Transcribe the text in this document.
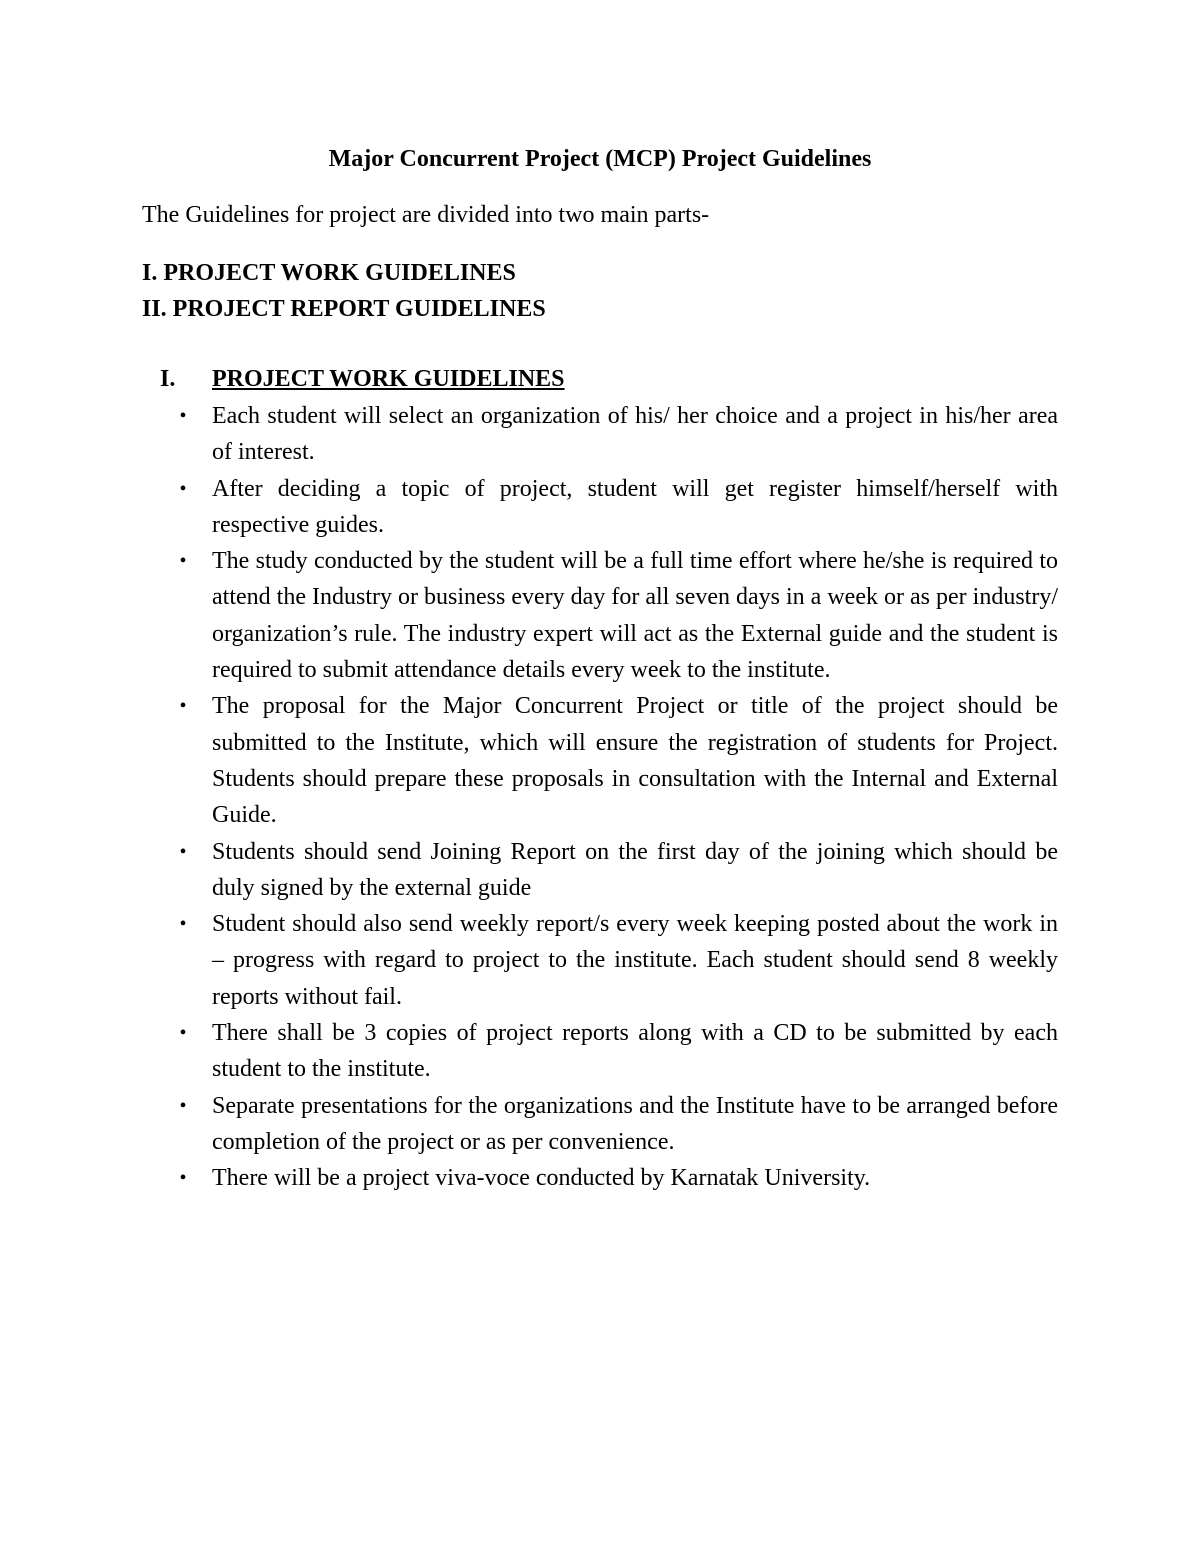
Major Concurrent Project (MCP) Project Guidelines

The Guidelines for project are divided into two main parts-

I. PROJECT WORK GUIDELINES
II. PROJECT REPORT GUIDELINES
I. PROJECT WORK GUIDELINES
• Each student will select an organization of his/ her choice and a project in his/her area of interest.
• After deciding a topic of project, student will get register himself/herself with respective guides.
• The study conducted by the student will be a full time effort where he/she is required to attend the Industry or business every day for all seven days in a week or as per industry/ organization’s rule. The industry expert will act as the External guide and the student is required to submit attendance details every week to the institute.
• The proposal for the Major Concurrent Project or title of the project should be submitted to the Institute, which will ensure the registration of students for Project. Students should prepare these proposals in consultation with the Internal and External Guide.
• Students should send Joining Report on the first day of the joining which should be duly signed by the external guide
• Student should also send weekly report/s every week keeping posted about the work in – progress with regard to project to the institute. Each student should send 8 weekly reports without fail.
• There shall be 3 copies of project reports along with a CD to be submitted by each student to the institute.
• Separate presentations for the organizations and the Institute have to be arranged before completion of the project or as per convenience.
• There will be a project viva-voce conducted by Karnatak University.
